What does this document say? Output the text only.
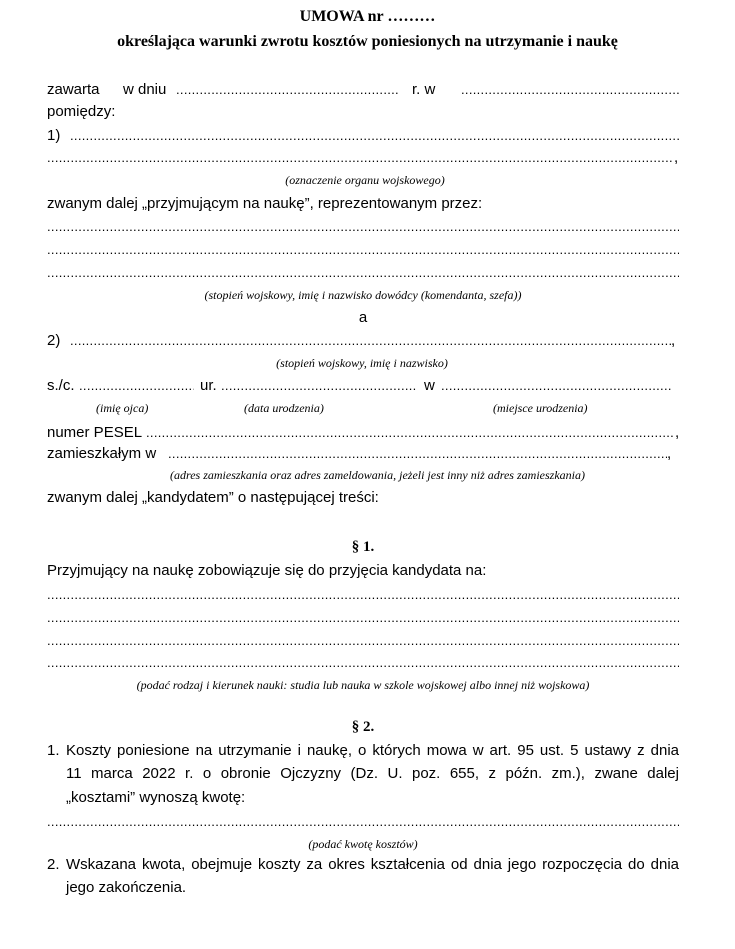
UMOWA nr ………
określająca warunki zwrotu kosztów poniesionych na utrzymanie i naukę
zawarta w dniu .....	r. w
.....
pomiędzy:
1)
.....
.....
,
(oznaczenie organu wojskowego)
zwanym dalej „przyjmującym na naukę”, reprezentowanym przez:
.....
.....
.....
(stopień wojskowy, imię i nazwisko dowódcy (komendanta, szefa))
a
2) .....	,
(stopień wojskowy, imię i nazwisko)
s./c. .....	ur. .....	w
.....
(imię ojca)	(data urodzenia)	(miejsce urodzenia)
numer PESEL .....	,
zamieszkałym w .....	,
(adres zamieszkania oraz adres zameldowania, jeżeli jest inny niż adres zamieszkania)
zwanym dalej „kandydatem” o następującej treści:
§ 1.
Przyjmujący na naukę zobowiązuje się do przyjęcia kandydata na:
.....
.....
.....
.....
(podać rodzaj i kierunek nauki: studia lub nauka w szkole wojskowej albo innej niż wojskowa)
§ 2.
1. Koszty poniesione na utrzymanie i naukę, o których mowa w art. 95 ust. 5 ustawy z dnia
11 marca 2022 r. o obronie Ojczyzny (Dz. U. poz. 655, z późn. zm.), zwane dalej
„kosztami” wynoszą kwotę:
.....
(podać kwotę kosztów)
2. Wskazana kwota, obejmuje koszty za okres kształcenia od dnia jego rozpoczęcia do dnia
jego zakończenia.
